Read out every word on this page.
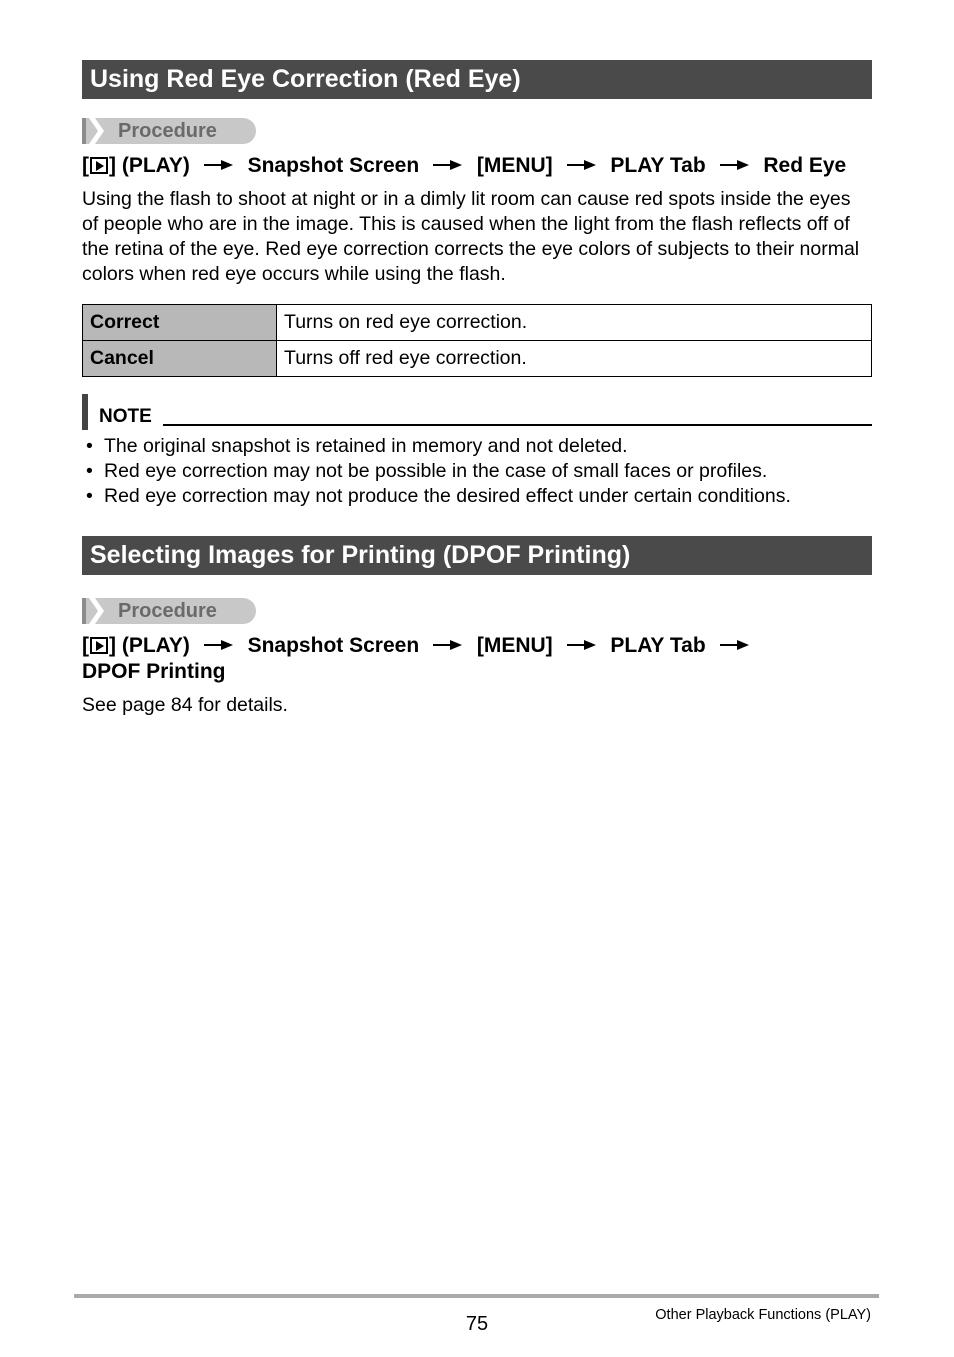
Using Red Eye Correction (Red Eye)
Procedure
[ ] (PLAY)	Snapshot Screen	[MENU]	PLAY Tab	Red Eye
Using the flash to shoot at night or in a dimly lit room can cause red spots inside the eyes of people who are in the image. This is caused when the light from the flash reflects off of the retina of the eye. Red eye correction corrects the eye colors of subjects to their normal colors when red eye occurs while using the flash.
Correct	Turns on red eye correction.
Cancel	Turns off red eye correction.
NOTE
• The original snapshot is retained in memory and not deleted.
• Red eye correction may not be possible in the case of small faces or profiles.
• Red eye correction may not produce the desired effect under certain conditions.
Selecting Images for Printing (DPOF Printing)
Procedure
[ ] (PLAY)	Snapshot Screen	[MENU]	PLAY Tab
DPOF Printing
See page 84 for details.
75	Other Playback Functions (PLAY)
